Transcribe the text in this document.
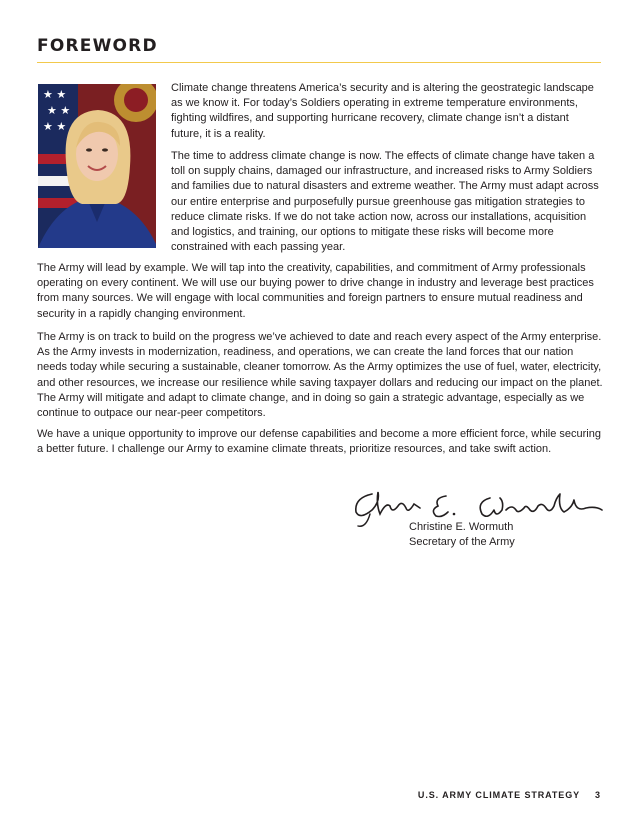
FOREWORD
★ ★
★ ★
★ ★

Climate change threatens America’s security and is altering the geostrategic landscape as we know it. For today’s Soldiers operating in extreme temperature environments, fighting wildfires, and supporting hurricane recovery, climate change isn’t a distant future, it is a reality.

The time to address climate change is now. The effects of climate change have taken a toll on supply chains, damaged our infrastructure, and increased risks to Army Soldiers and families due to natural disasters and extreme weather. The Army must adapt across our entire enterprise and purposefully pursue greenhouse gas mitigation strategies to reduce climate risks. If we do not take action now, across our installations, acquisition and logistics, and training, our options to mitigate these risks will become more constrained with each passing year.

The Army will lead by example. We will tap into the creativity, capabilities, and commitment of Army professionals operating on every continent. We will use our buying power to drive change in industry and leverage best practices from many sources. We will engage with local communities and foreign partners to ensure mutual readiness and security in a rapidly changing environment.

The Army is on track to build on the progress we’ve achieved to date and reach every aspect of the Army enterprise. As the Army invests in modernization, readiness, and operations, we can create the land forces that our nation needs today while securing a sustainable, cleaner tomorrow. As the Army optimizes the use of fuel, water, electricity, and other resources, we increase our resilience while saving taxpayer dollars and reducing our impact on the planet. The Army will mitigate and adapt to climate change, and in doing so gain a strategic advantage, especially as we continue to outpace our near-peer competitors.

We have a unique opportunity to improve our defense capabilities and become a more efficient force, while securing a better future. I challenge our Army to examine climate threats, prioritize resources, and take swift action.

Christine E. Wormuth

Secretary of the Army

U.S. ARMY CLIMATE STRATEGY 3
